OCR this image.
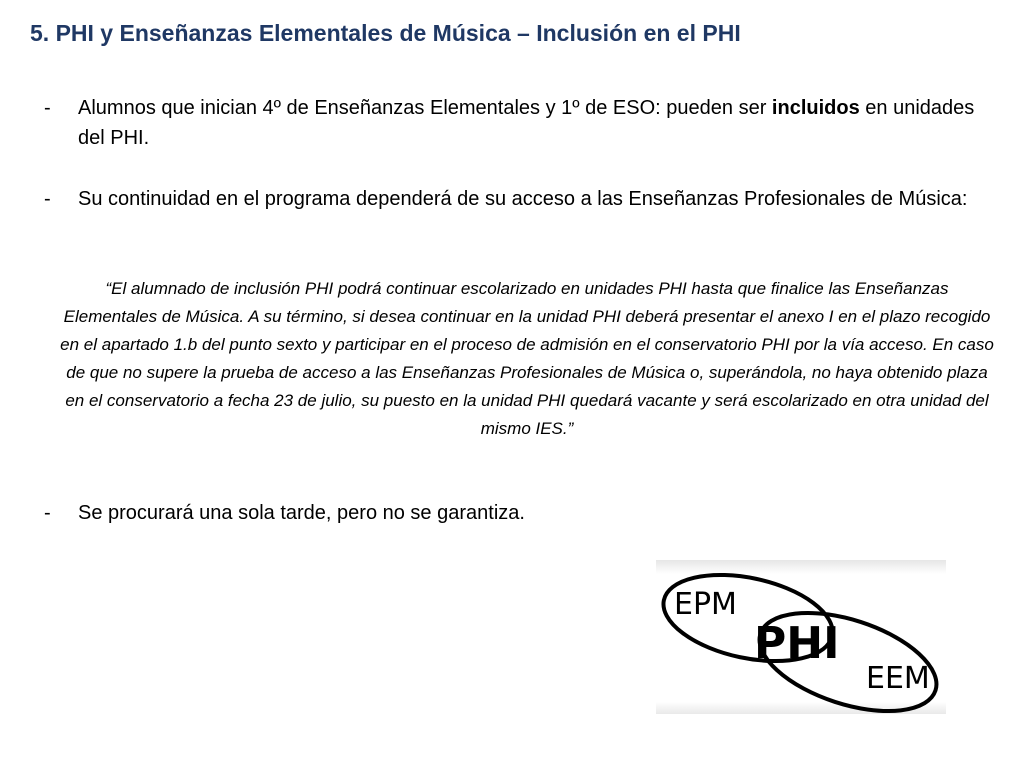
5. PHI y Enseñanzas Elementales de Música – Inclusión en el PHI
-	Alumnos que inician 4º de Enseñanzas Elementales y 1º de ESO: pueden ser incluidos en unidades del PHI.
-	Su continuidad en el programa dependerá de su acceso a las Enseñanzas Profesionales de Música:
“El alumnado de inclusión PHI podrá continuar escolarizado en unidades PHI hasta que finalice las Enseñanzas Elementales de Música. A su término, si desea continuar en la unidad PHI deberá presentar el anexo I en el plazo recogido en el apartado 1.b del punto sexto y participar en el proceso de admisión en el conservatorio PHI por la vía acceso. En caso de que no supere la prueba de acceso a las Enseñanzas Profesionales de Música o, superándola, no haya obtenido plaza en el conservatorio a fecha 23 de julio, su puesto en la unidad PHI quedará vacante y será escolarizado en otra unidad del mismo IES.”
-	Se procurará una sola tarde, pero no se garantiza.
EPM
PHI
EEM
